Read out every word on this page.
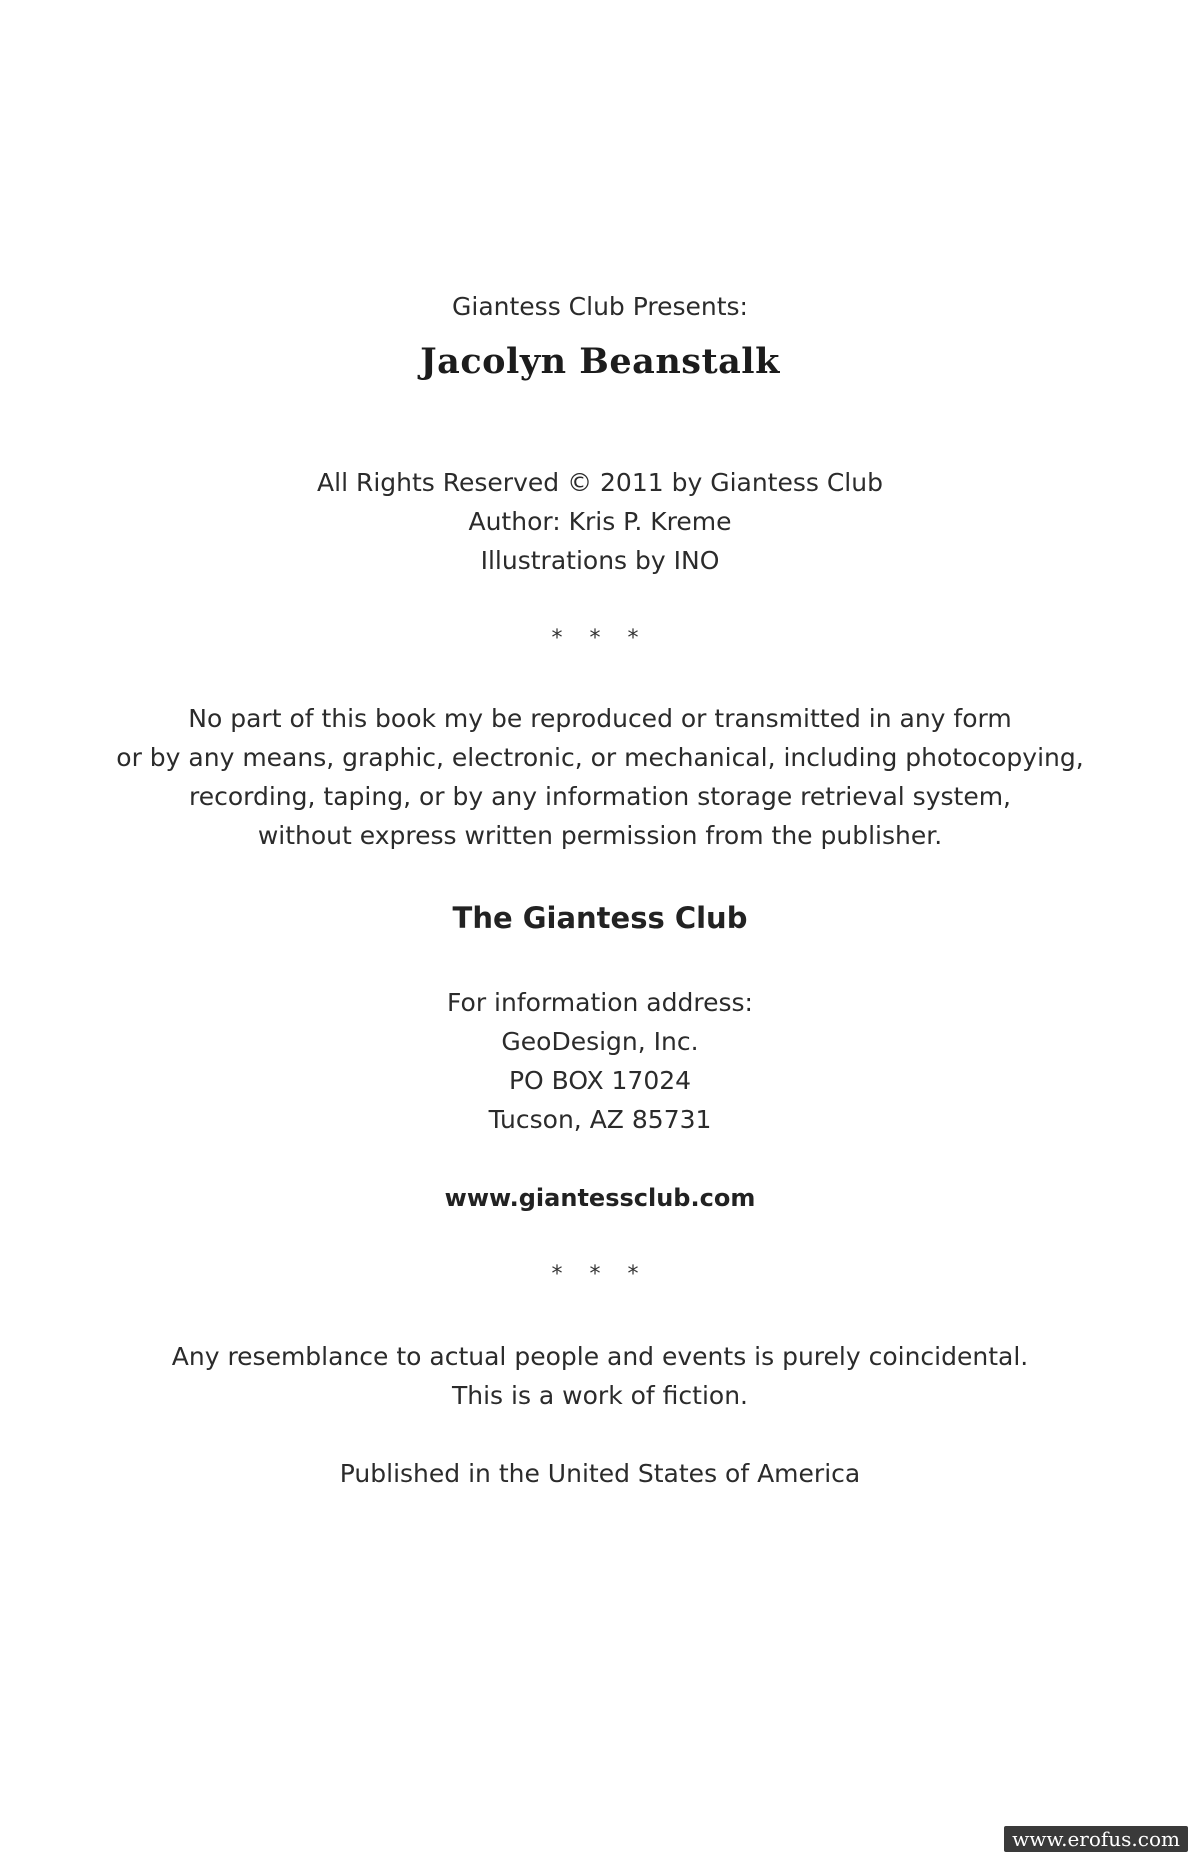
Giantess Club Presents:
Jacolyn Beanstalk
All Rights Reserved © 2011 by Giantess Club
Author: Kris P. Kreme
Illustrations by INO
* * *
No part of this book my be reproduced or transmitted in any form
or by any means, graphic, electronic, or mechanical, including photocopying,
recording, taping, or by any information storage retrieval system,
without express written permission from the publisher.
The Giantess Club
For information address:
GeoDesign, Inc.
PO BOX 17024
Tucson, AZ 85731
www.giantessclub.com
* * *
Any resemblance to actual people and events is purely coincidental.
This is a work of fiction.
Published in the United States of America
www.erofus.com
